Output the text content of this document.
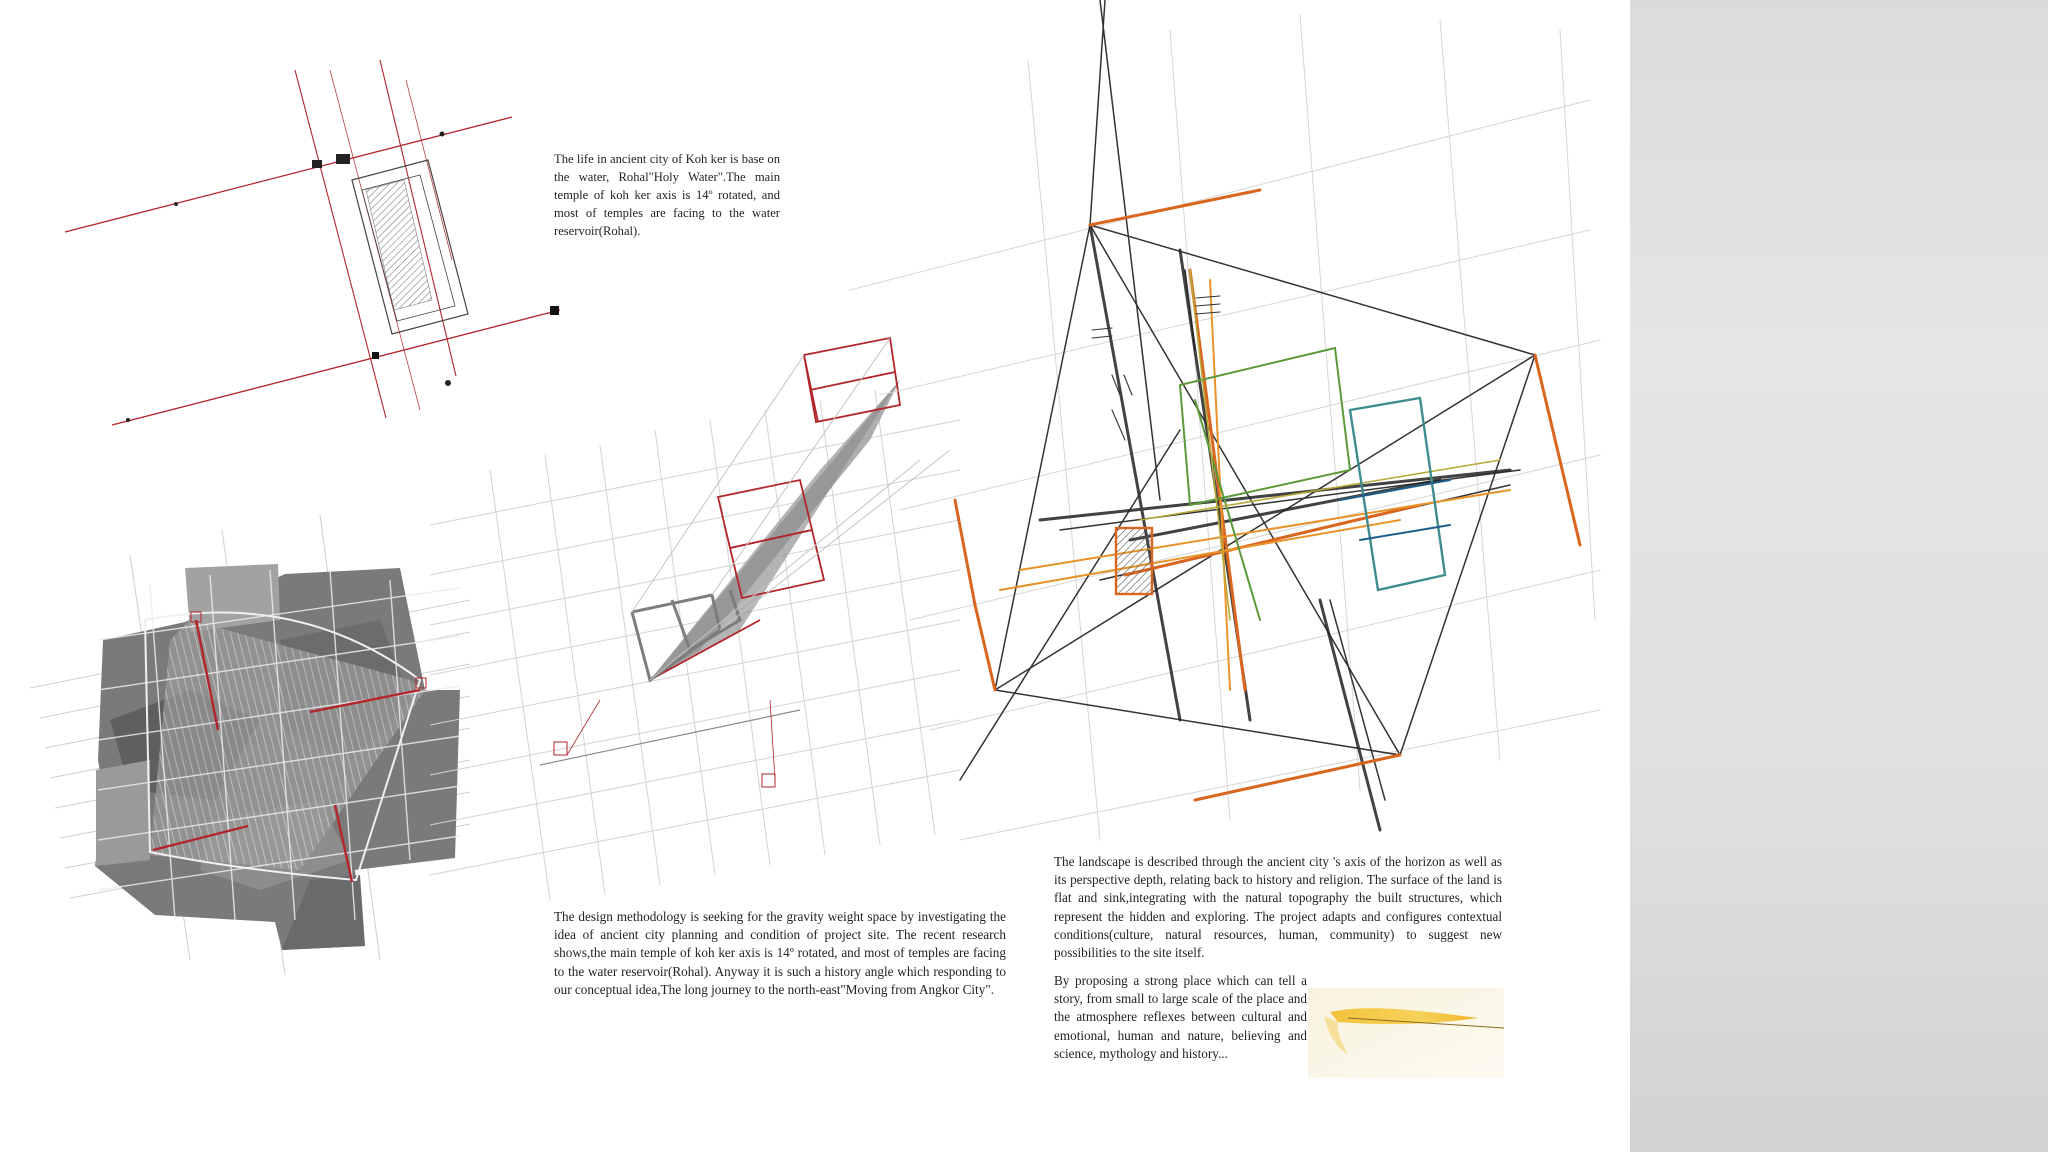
The life in ancient city of Koh ker is base on the water, Rohal"Holy Water".The main temple of koh ker axis is 14º rotated, and most of temples are facing to the water reservoir(Rohal).

The design methodology is seeking for the gravity weight space by investigating the idea of ancient city planning and condition of project site. The recent research shows,the main temple of koh ker axis is 14º rotated, and most of temples are facing to the water reservoir(Rohal). Anyway it is such a history angle which responding to our conceptual idea,The long journey to the north-east"Moving from Angkor City".

The landscape is described through the ancient city 's axis of the horizon as well as its perspective depth, relating back to history and religion. The surface of the land is flat and sink,integrating with the natural topography the built structures, which represent the hidden and exploring. The project adapts and configures contextual conditions(culture, natural resources, human, community) to suggest new possibilities to the site itself.

By proposing a strong place which can tell a story, from small to large scale of the place and the atmosphere reflexes between cultural and emotional, human and nature, believing and science, mythology and history...
